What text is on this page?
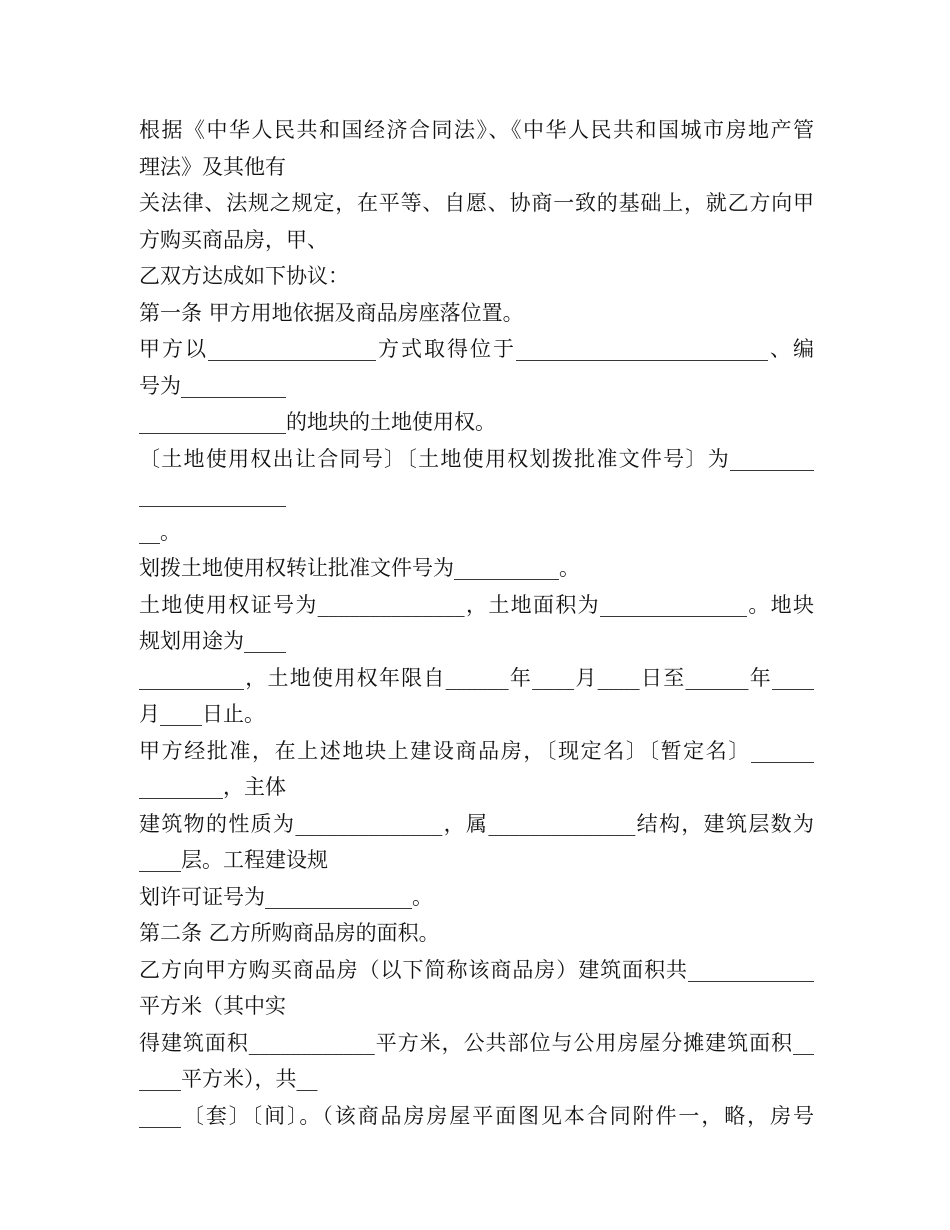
根据《中华人民共和国经济合同法》、《中华人民共和国城市房地产管
理法》及其他有
关法律、法规之规定，在平等、自愿、协商一致的基础上，就乙方向甲
方购买商品房，甲、
乙双方达成如下协议：
第一条 甲方用地依据及商品房座落位置。
甲方以________________方式取得位于________________________、编
号为__________
______________的地块的土地使用权。
〔土地使用权出让合同号〕〔土地使用权划拨批准文件号〕为________
______________
__。
划拨土地使用权转让批准文件号为__________。
土地使用权证号为______________，土地面积为______________。地块
规划用途为____
__________，土地使用权年限自______年____月____日至______年____
月____日止。
甲方经批准，在上述地块上建设商品房，〔现定名〕〔暂定名〕______
________，主体
建筑物的性质为______________，属______________结构，建筑层数为
____层。工程建设规
划许可证号为______________。
第二条 乙方所购商品房的面积。
乙方向甲方购买商品房（以下简称该商品房）建筑面积共____________
平方米（其中实
得建筑面积____________平方米，公共部位与公用房屋分摊建筑面积__
____平方米），共__
____〔套〕〔间〕。（该商品房房屋平面图见本合同附件一，略，房号
